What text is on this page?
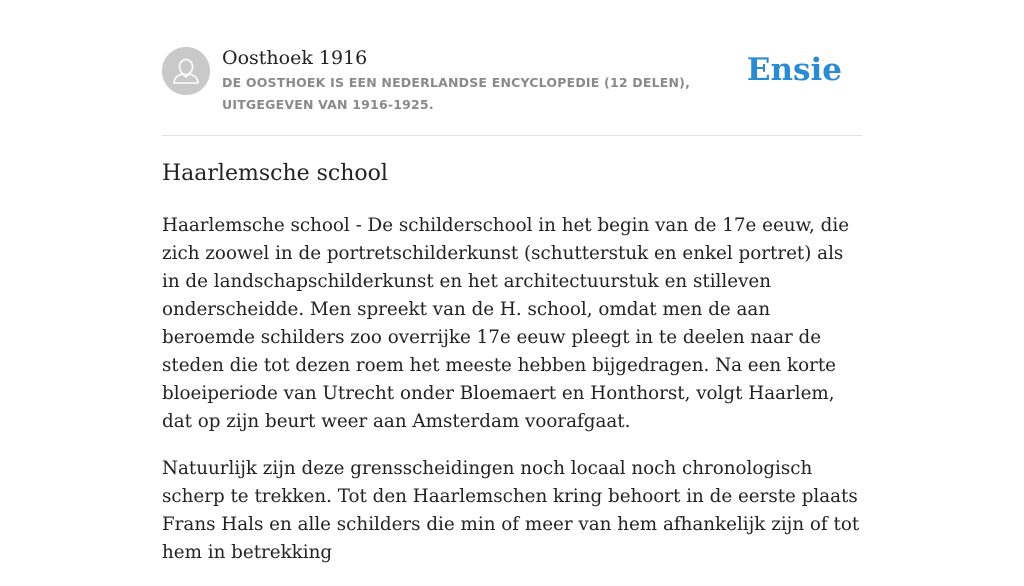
Oosthoek 1916
DE OOSTHOEK IS EEN NEDERLANDSE ENCYCLOPEDIE (12 DELEN), UITGEGEVEN VAN 1916-1925.
Ensie
Haarlemsche school

Haarlemsche school - De schilderschool in het begin van de 17e eeuw, die zich zoowel in de portretschilderkunst (schutterstuk en enkel portret) als in de landschapschilderkunst en het architectuurstuk en stilleven onderscheidde. Men spreekt van de H. school, omdat men de aan beroemde schilders zoo overrijke 17e eeuw pleegt in te deelen naar de steden die tot dezen roem het meeste hebben bijgedragen. Na een korte bloeiperiode van Utrecht onder Bloemaert en Honthorst, volgt Haarlem, dat op zijn beurt weer aan Amsterdam voorafgaat.

Natuurlijk zijn deze grensscheidingen noch locaal noch chronologisch scherp te trekken. Tot den Haarlemschen kring behoort in de eerste plaats Frans Hals en alle schilders die min of meer van hem afhankelijk zijn of tot hem in betrekking
